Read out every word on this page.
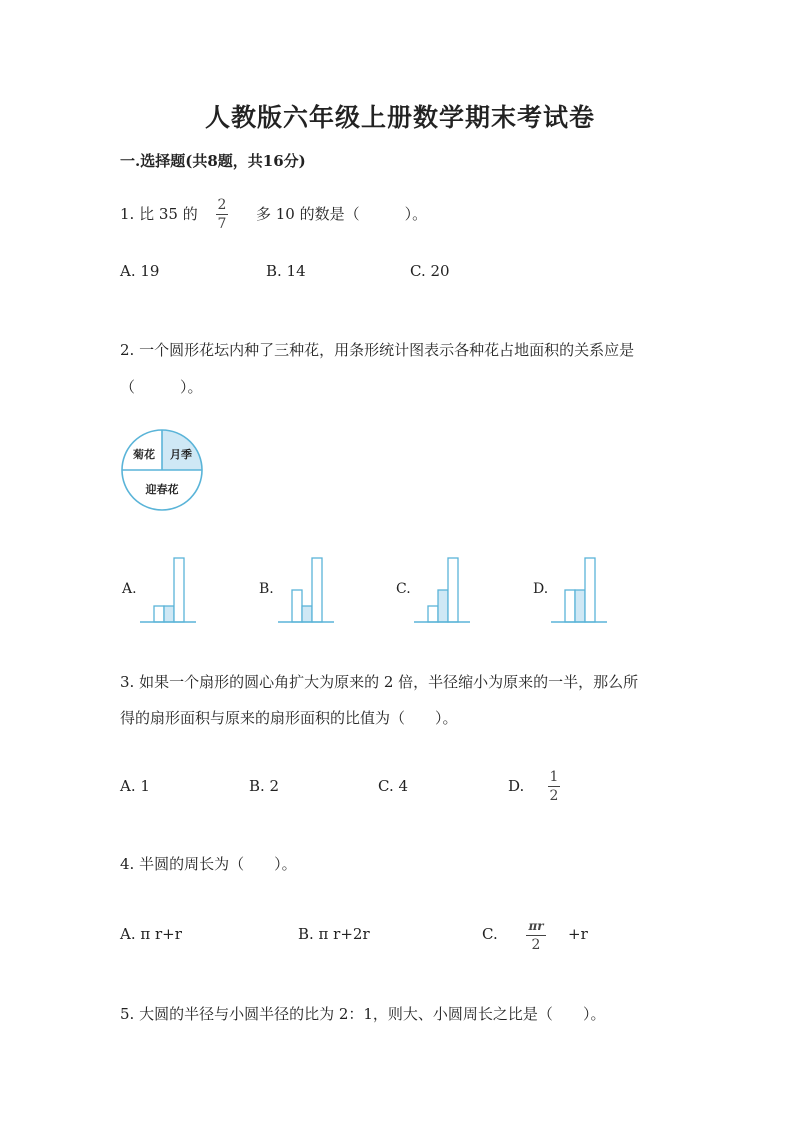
人教版六年级上册数学期末考试卷
一.选择题(共8题，共16分)
1. 比 35 的 2
7
多 10 的数是（　　　）。
A. 19	B. 14	C. 20
2. 一个圆形花坛内种了三种花，用条形统计图表示各种花占地面积的关系应是
（　　　）。
菊花 月季
迎春花
A.	B.	C.	D.
3. 如果一个扇形的圆心角扩大为原来的 2 倍，半径缩小为原来的一半，那么所
得的扇形面积与原来的扇形面积的比值为（　　）。
A. 1	B. 2	C. 4	D. 1
2
4. 半圆的周长为（　　）。
A. π r+r	B. π r+2r	C.	πr
2
+r
5. 大圆的半径与小圆半径的比为 2：1，则大、小圆周长之比是（　　）。
